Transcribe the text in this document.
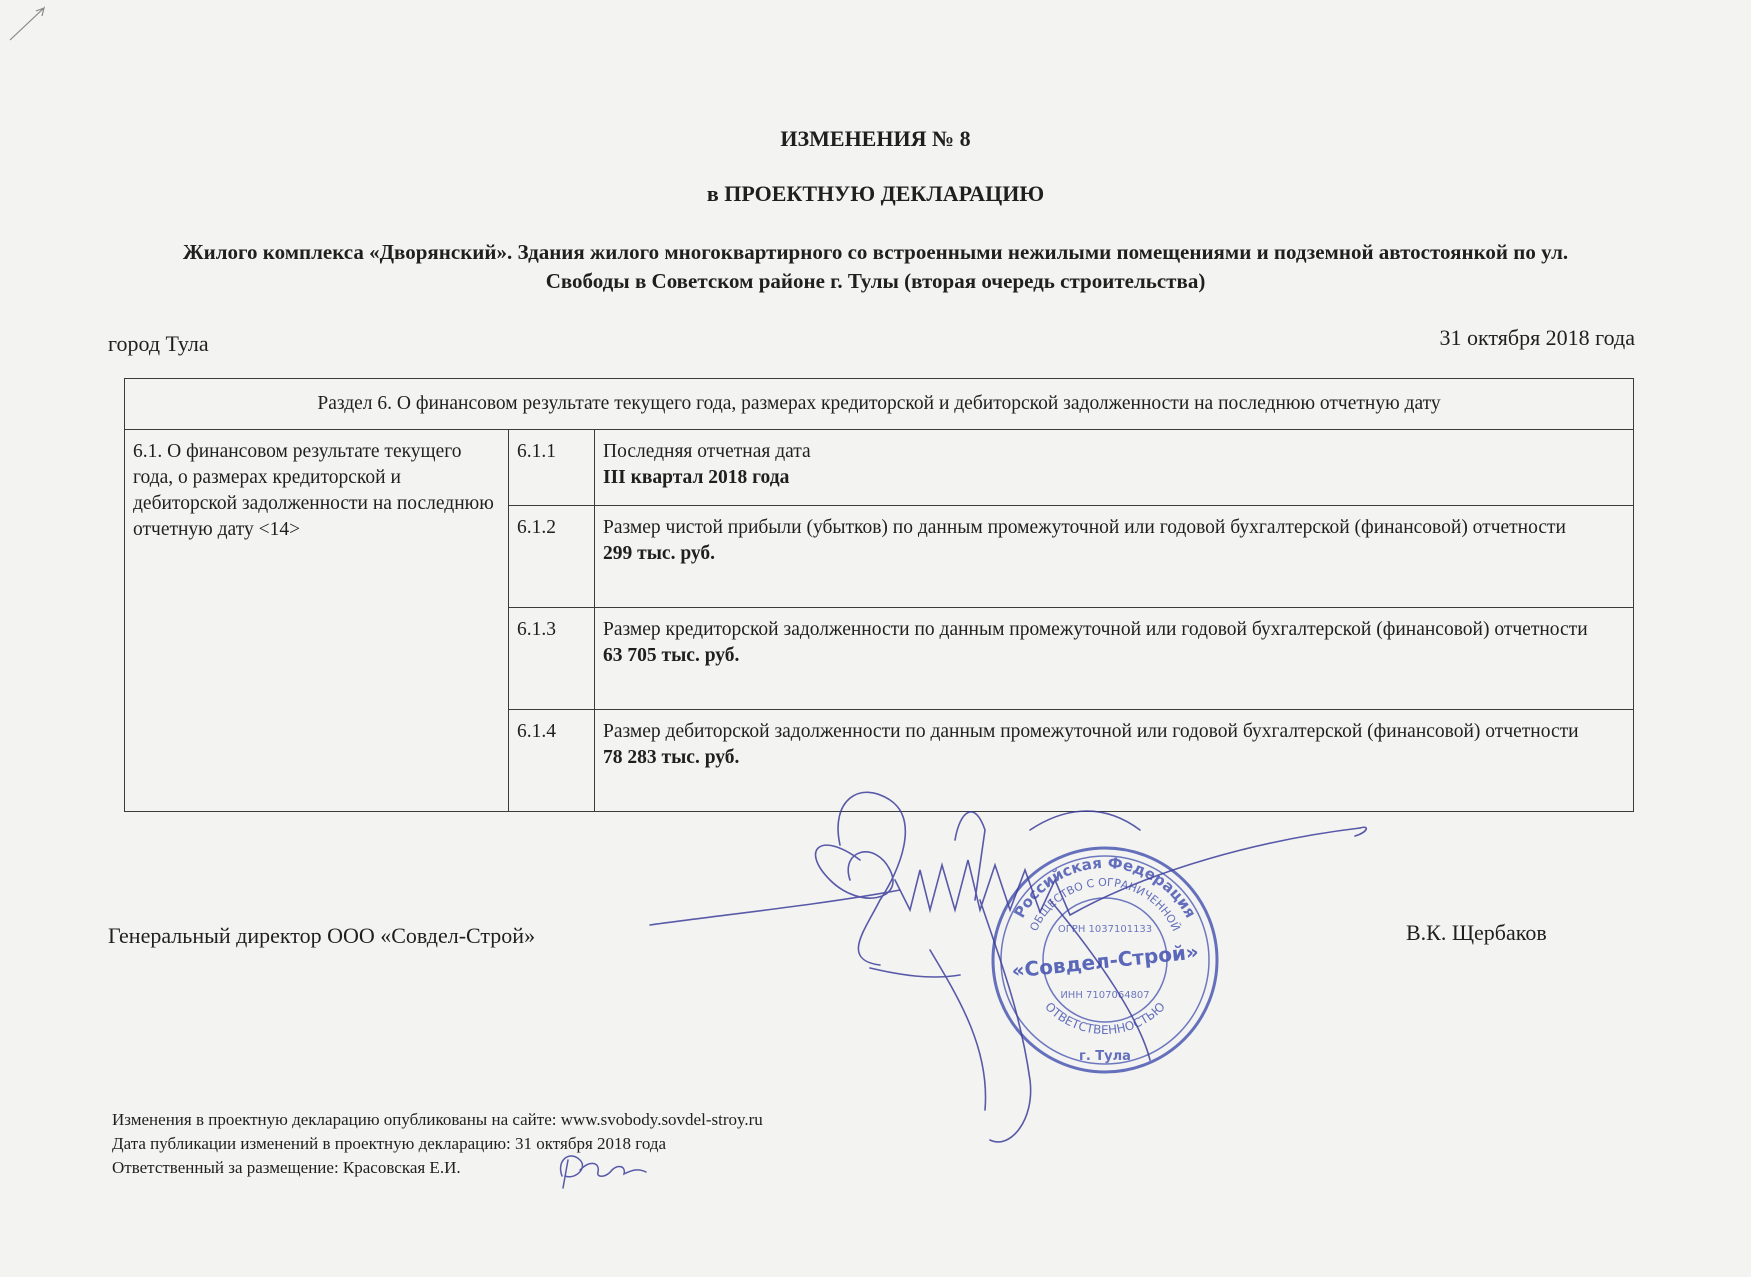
ИЗМЕНЕНИЯ № 8
в ПРОЕКТНУЮ ДЕКЛАРАЦИЮ
Жилого комплекса «Дворянский». Здания жилого многоквартирного со встроенными нежилыми помещениями и подземной автостоянкой по ул. Свободы в Советском районе г. Тулы (вторая очередь строительства)
город Тула	31 октября 2018 года
Раздел 6. О финансовом результате текущего года, размерах кредиторской и дебиторской задолженности на последнюю отчетную дату		
6.1. О финансовом результате текущего года, о размерах кредиторской и дебиторской задолженности на последнюю отчетную дату <14>	6.1.1	Последняя отчетная дата
III квартал 2018 года

	6.1.2	Размер чистой прибыли (убытков) по данным промежуточной или годовой бухгалтерской (финансовой) отчетности
299 тыс. руб.

	6.1.3	Размер кредиторской задолженности по данным промежуточной или годовой бухгалтерской (финансовой) отчетности
63 705 тыс. руб.

	6.1.4	Размер дебиторской задолженности по данным промежуточной или годовой бухгалтерской (финансовой) отчетности
78 283 тыс. руб.
Генеральный директор ООО «Совдел-Строй»	В.К. Щербаков
Российская Федерация
ОБЩЕСТВО С ОГРАНИЧЕННОЙ
ОТВЕТСТВЕННОСТЬЮ
«Совдел-Строй»
ОГРН 1037101133
ИНН 7107064807
г. Тула
Изменения в проектную декларацию опубликованы на сайте: www.svobody.sovdel-stroy.ru
Дата публикации изменений в проектную декларацию: 31 октября 2018 года
Ответственный за размещение: Красовская Е.И.
